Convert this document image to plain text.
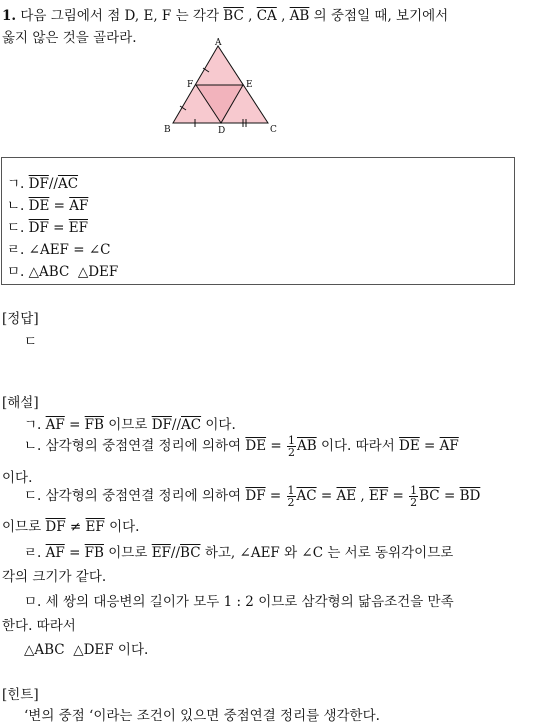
1. 다음 그림에서 점 D, E, F 는 각각 $\overline{BC}$ , $\overline{CA}$ , $\overline{AB}$ 의 중점일 때, 보기에서
옳지 않은 것을 골라라.	A
B	C
D
E
F
ㄱ. $\overline{DF}//\overline{AC}$
ㄴ. $\overline{DE} = \overline{AF}$
ㄷ. $\overline{DF} = \overline{EF}$
ㄹ. ∠AEF = ∠C
ㅁ. △ABC  △DEF
[정답]
ㄷ
[해설]
ㄱ. $\overline{AF} = \overline{FB}$ 이므로 $\overline{DF}//\overline{AC}$ 이다.
ㄴ. 삼각형의 중점연결 정리에 의하여 $\overline{DE} = \frac{1}{2} \overline{AB}$ 이다. 따라서 $\overline{DE} = \overline{AF}$
이다.
ㄷ. 삼각형의 중점연결 정리에 의하여 $\overline{DF} = \frac{1}{2} \overline{AC} = \overline{AE}$ , $\overline{EF} = \frac{1}{2} \overline{BC} = \overline{BD}$
이므로 $\overline{DF} \ne \overline{EF}$ 이다.
ㄹ. $\overline{AF} = \overline{FB}$ 이므로 $\overline{EF}//\overline{BC}$ 하고, ∠AEF 와 ∠C 는 서로 동위각이므로
각의 크기가 같다.
ㅁ. 세 쌍의 대응변의 길이가 모두 1 : 2 이므로 삼각형의 닮음조건을 만족
한다. 따라서
△ABC  △DEF 이다.
[힌트]
‘변의 중점 ‘이라는 조건이 있으면 중점연결 정리를 생각한다.
